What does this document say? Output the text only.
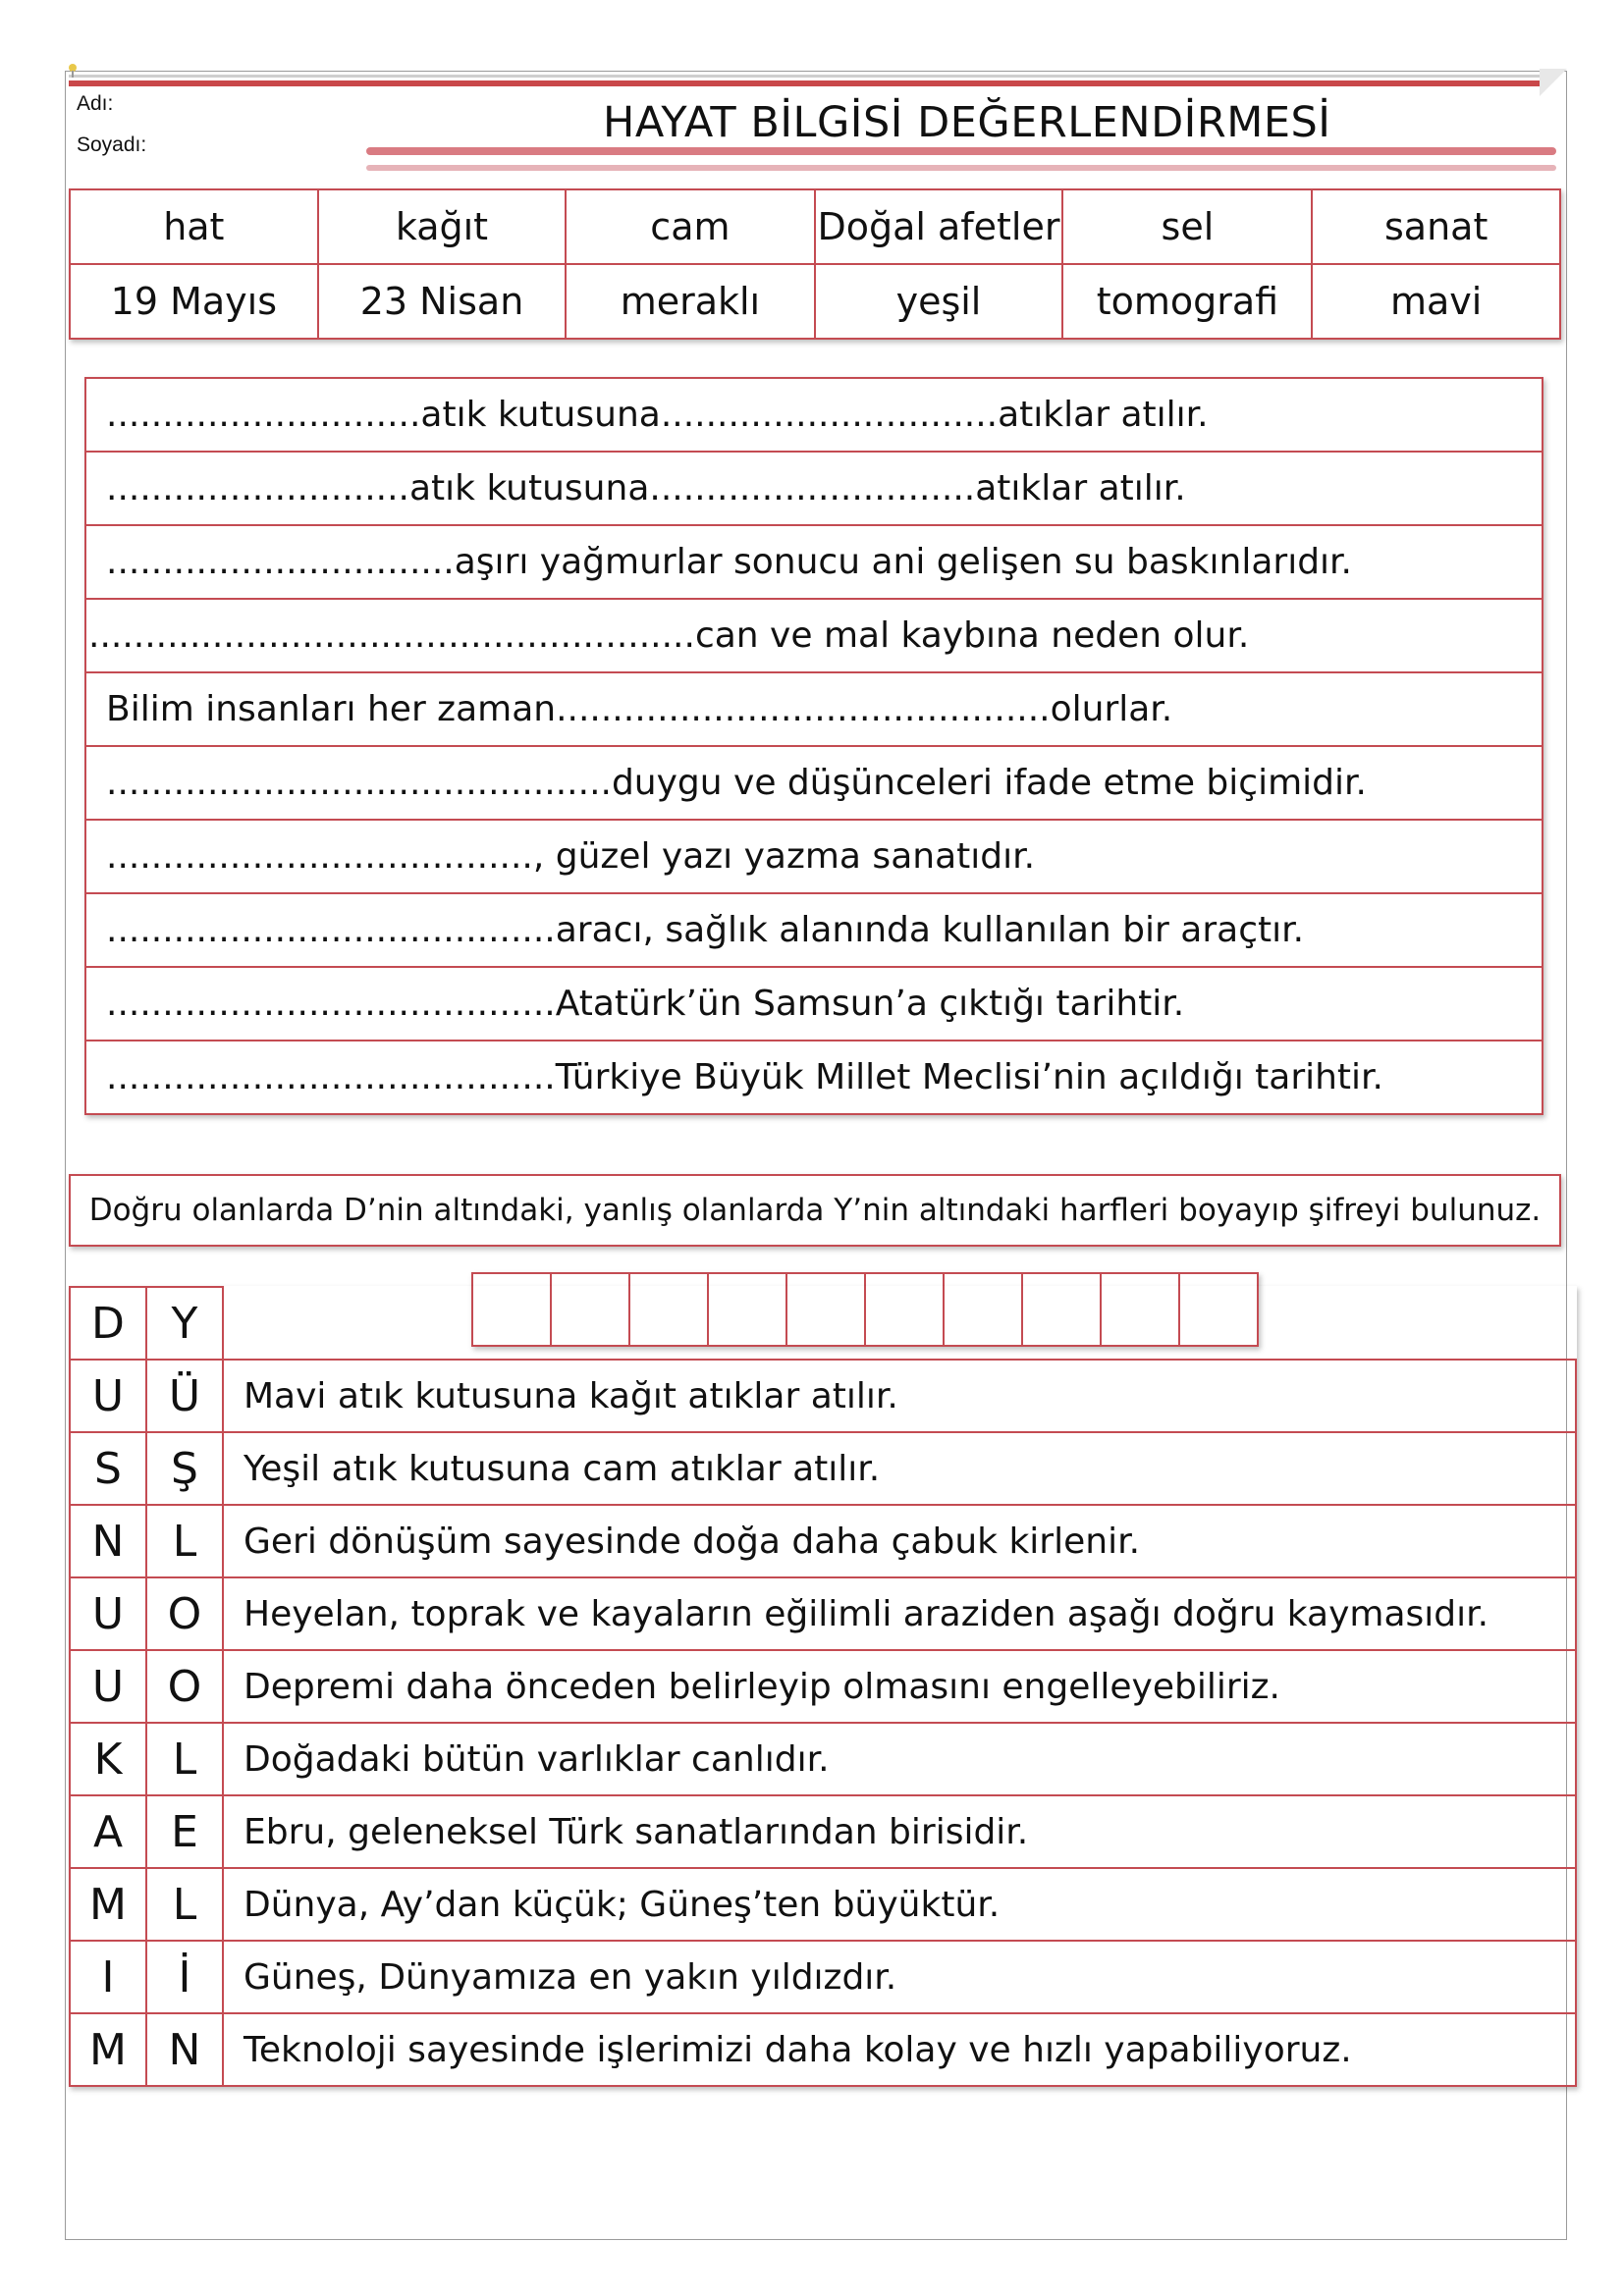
Adı:
Soyadı:	HAYAT BİLGİSİ DEĞERLENDİRMESİ
hat	kağıt	cam	Doğal afetler	sel	sanat
19 Mayıs	23 Nisan	meraklı	yeşil	tomografi	mavi
............................atık kutusuna..............................atıklar atılır.
...........................atık kutusuna.............................atıklar atılır.
...............................aşırı yağmurlar sonucu ani gelişen su baskınlarıdır.
......................................................can ve mal kaybına neden olur.
Bilim insanları her zaman............................................olurlar.
.............................................duygu ve düşünceleri ifade etme biçimidir.
......................................, güzel yazı yazma sanatıdır.
........................................aracı, sağlık alanında kullanılan bir araçtır.
........................................Atatürk’ün Samsun’a çıktığı tarihtir.
........................................Türkiye Büyük Millet Meclisi’nin açıldığı tarihtir.
Doğru olanlarda D’nin altındaki, yanlış olanlarda Y’nin altındaki harfleri boyayıp şifreyi bulunuz.
D	Y	
U	Ü	Mavi atık kutusuna kağıt atıklar atılır.
S	Ş	Yeşil atık kutusuna cam atıklar atılır.
N	L	Geri dönüşüm sayesinde doğa daha çabuk kirlenir.
U	O	Heyelan, toprak ve kayaların eğilimli araziden aşağı doğru kaymasıdır.
U	O	Depremi daha önceden belirleyip olmasını engelleyebiliriz.
K	L	Doğadaki bütün varlıklar canlıdır.
A	E	Ebru, geleneksel Türk sanatlarından birisidir.
M	L	Dünya, Ay’dan küçük; Güneş’ten büyüktür.
I	İ	Güneş, Dünyamıza en yakın yıldızdır.
M	N	Teknoloji sayesinde işlerimizi daha kolay ve hızlı yapabiliyoruz.
